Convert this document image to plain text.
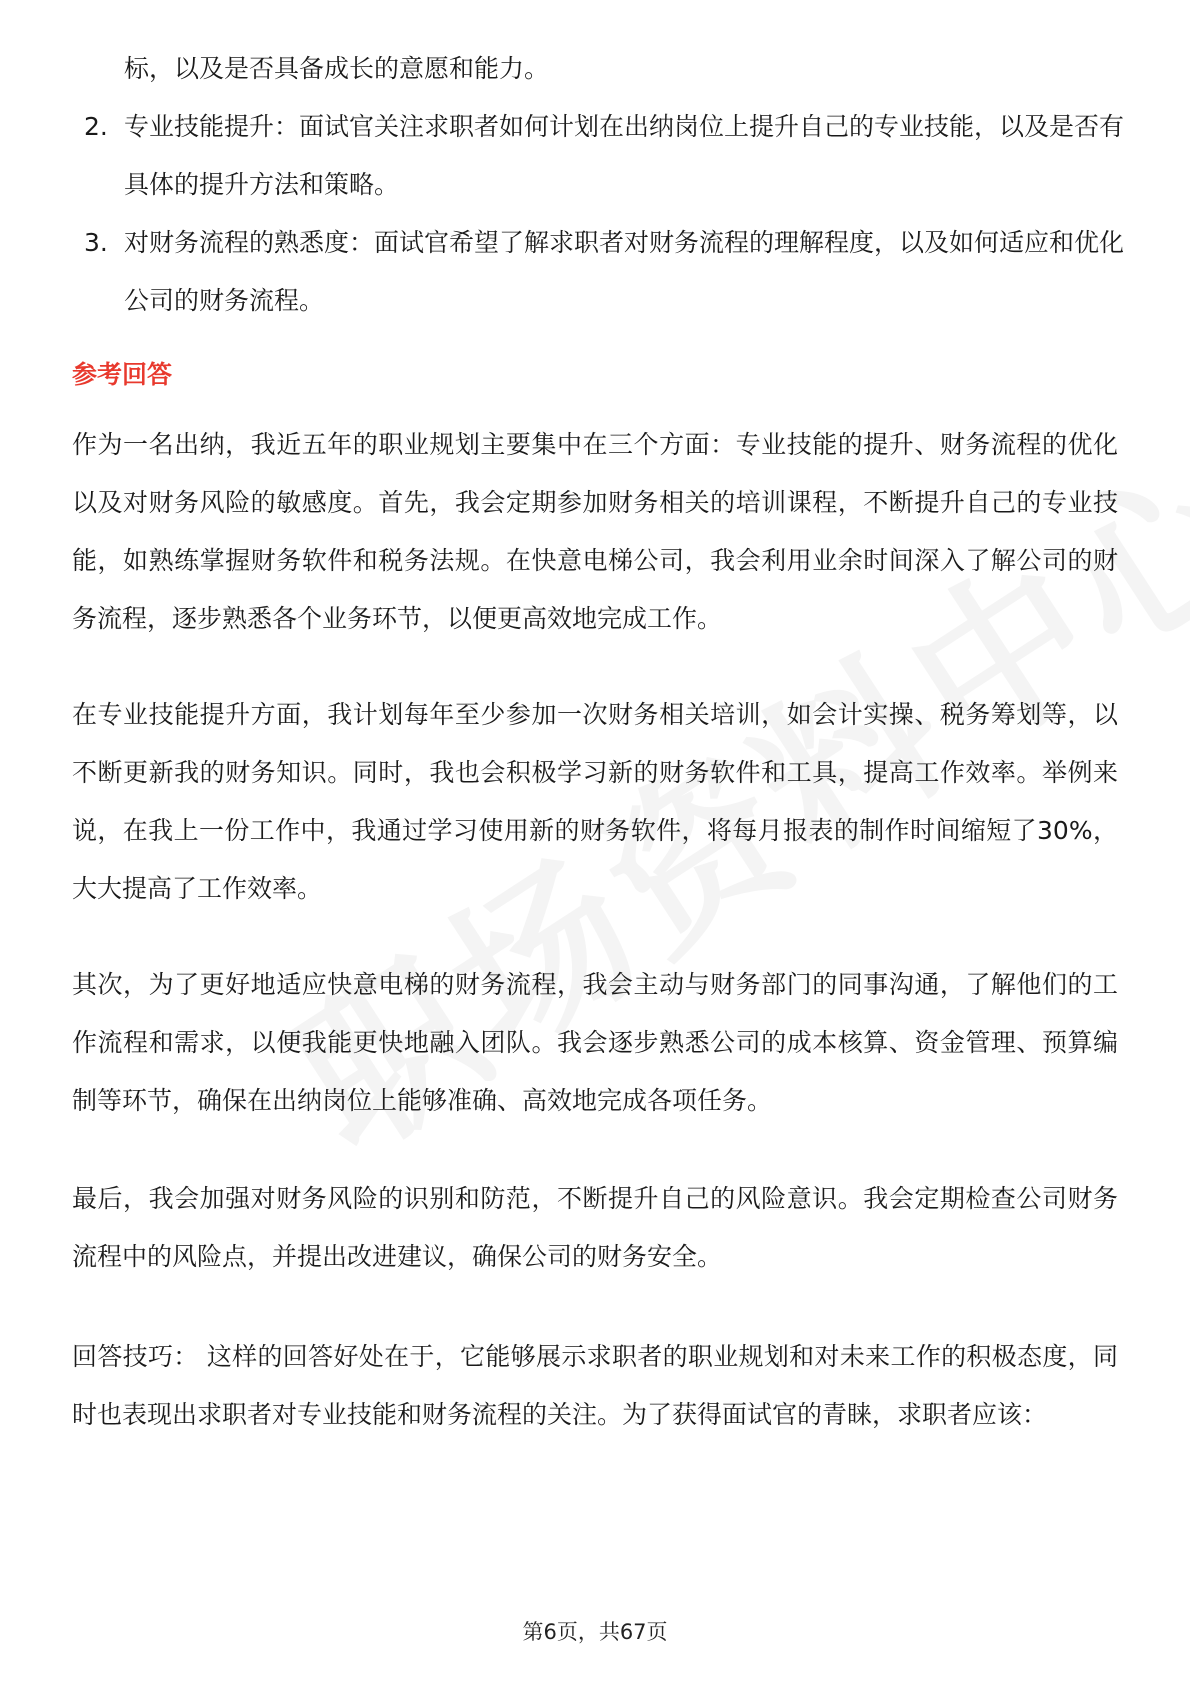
标，以及是否具备成长的意愿和能力。
2. 专业技能提升：面试官关注求职者如何计划在出纳岗位上提升自己的专业技能，以及是否有具体的提升方法和策略。
3. 对财务流程的熟悉度：面试官希望了解求职者对财务流程的理解程度，以及如何适应和优化公司的财务流程。
参考回答

作为一名出纳，我近五年的职业规划主要集中在三个方面：专业技能的提升、财务流程的优化以及对财务风险的敏感度。首先，我会定期参加财务相关的培训课程，不断提升自己的专业技能，如熟练掌握财务软件和税务法规。在快意电梯公司，我会利用业余时间深入了解公司的财务流程，逐步熟悉各个业务环节，以便更高效地完成工作。

在专业技能提升方面，我计划每年至少参加一次财务相关培训，如会计实操、税务筹划等，以不断更新我的财务知识。同时，我也会积极学习新的财务软件和工具，提高工作效率。举例来说，在我上一份工作中，我通过学习使用新的财务软件，将每月报表的制作时间缩短了30%，大大提高了工作效率。

其次，为了更好地适应快意电梯的财务流程，我会主动与财务部门的同事沟通，了解他们的工作流程和需求，以便我能更快地融入团队。我会逐步熟悉公司的成本核算、资金管理、预算编制等环节，确保在出纳岗位上能够准确、高效地完成各项任务。

最后，我会加强对财务风险的识别和防范，不断提升自己的风险意识。我会定期检查公司财务流程中的风险点，并提出改进建议，确保公司的财务安全。

回答技巧： 这样的回答好处在于，它能够展示求职者的职业规划和对未来工作的积极态度，同时也表现出求职者对专业技能和财务流程的关注。为了获得面试官的青睐，求职者应该：

第6页，共67页
